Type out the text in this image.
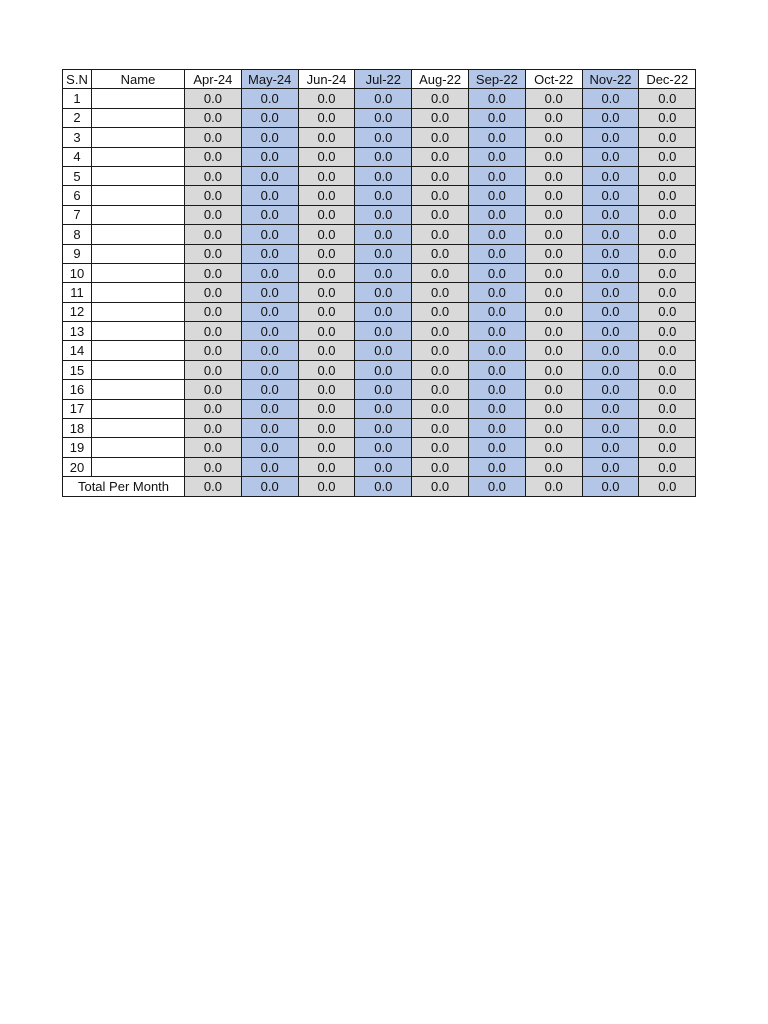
S.N	Name	Apr-24	May-24	Jun-24	Jul-22	Aug-22	Sep-22	Oct-22	Nov-22	Dec-22
1		0.0	0.0	0.0	0.0	0.0	0.0	0.0	0.0	0.0
2		0.0	0.0	0.0	0.0	0.0	0.0	0.0	0.0	0.0
3		0.0	0.0	0.0	0.0	0.0	0.0	0.0	0.0	0.0
4		0.0	0.0	0.0	0.0	0.0	0.0	0.0	0.0	0.0
5		0.0	0.0	0.0	0.0	0.0	0.0	0.0	0.0	0.0
6		0.0	0.0	0.0	0.0	0.0	0.0	0.0	0.0	0.0
7		0.0	0.0	0.0	0.0	0.0	0.0	0.0	0.0	0.0
8		0.0	0.0	0.0	0.0	0.0	0.0	0.0	0.0	0.0
9		0.0	0.0	0.0	0.0	0.0	0.0	0.0	0.0	0.0
10		0.0	0.0	0.0	0.0	0.0	0.0	0.0	0.0	0.0
11		0.0	0.0	0.0	0.0	0.0	0.0	0.0	0.0	0.0
12		0.0	0.0	0.0	0.0	0.0	0.0	0.0	0.0	0.0
13		0.0	0.0	0.0	0.0	0.0	0.0	0.0	0.0	0.0
14		0.0	0.0	0.0	0.0	0.0	0.0	0.0	0.0	0.0
15		0.0	0.0	0.0	0.0	0.0	0.0	0.0	0.0	0.0
16		0.0	0.0	0.0	0.0	0.0	0.0	0.0	0.0	0.0
17		0.0	0.0	0.0	0.0	0.0	0.0	0.0	0.0	0.0
18		0.0	0.0	0.0	0.0	0.0	0.0	0.0	0.0	0.0
19		0.0	0.0	0.0	0.0	0.0	0.0	0.0	0.0	0.0
20		0.0	0.0	0.0	0.0	0.0	0.0	0.0	0.0	0.0
Total Per Month		0.0	0.0	0.0	0.0	0.0	0.0	0.0	0.0	0.0
